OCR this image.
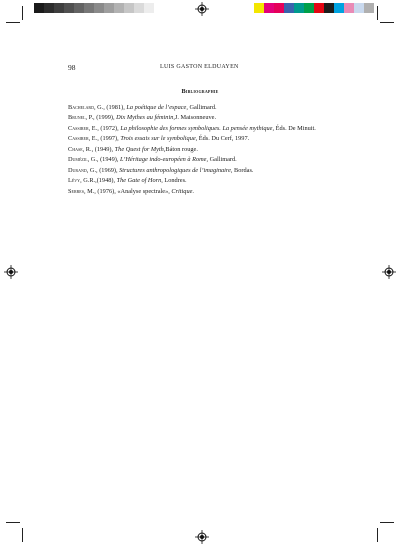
98	LUIS GASTON ELDUAYEN
Bibliographie
Bachelard, G., (1981), La poétique de l’espace, Gallimard.
Brunel, P., (1999), Dix Mythes au féminin,J. Maisonneuve.
Cassirer, E., (1972), La philosophie des formes symboliques. La pensée mythique, Éds. De Minuit.
Cassirer, E., (1997), Trois essais sur le symbolique, Éds. Du Cerf, 1997.
Chase, R., (1949), The Quest for Myth,Báton rouge.
Dumézil, G., (1949), L’Héritage indo-européen à Rome, Gallimard.
Durand, G., (1969), Structures anthropologiques de l’imaginaire, Bordas.
Lévy, G.R.,(1948), The Gate of Horn, Londres.
Serres, M., (1976), «Analyse spectrale», Critique.
